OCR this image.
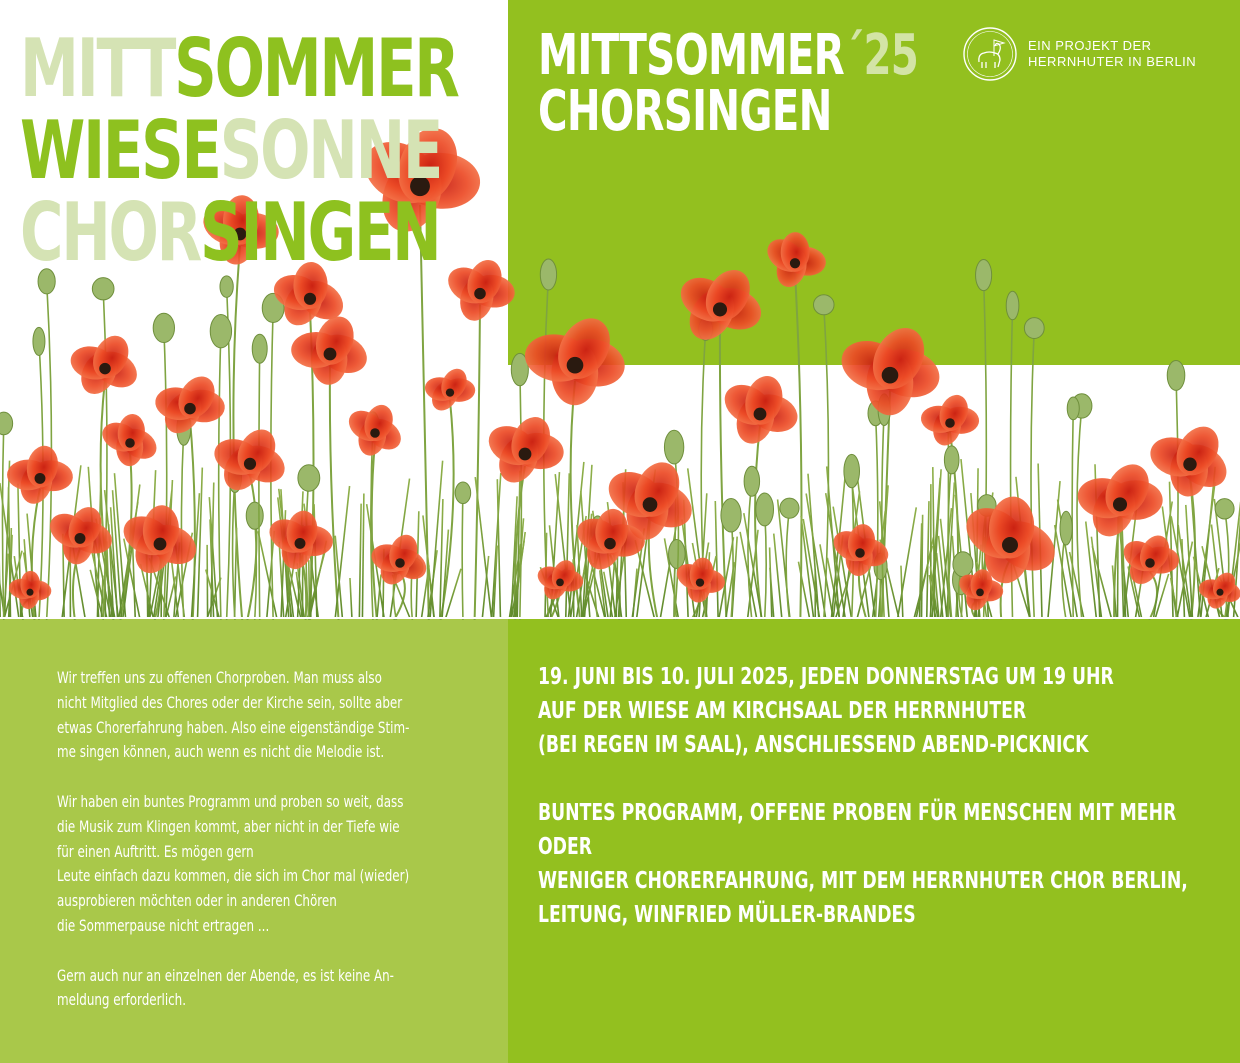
MITTSOMMER
WIESESONNE
CHORSINGEN
MITTSOMMER´25
CHORSINGEN
EIN PROJEKT DER
HERRNHUTER IN BERLIN

Wir treffen uns zu offenen Chorproben. Man muss also
nicht Mitglied des Chores oder der Kirche sein, sollte aber
etwas Chorerfahrung haben. Also eine eigenständige Stim-
me singen können, auch wenn es nicht die Melodie ist.

Wir haben ein buntes Programm und proben so weit, dass
die Musik zum Klingen kommt, aber nicht in der Tiefe wie
für einen Auftritt. Es mögen gern
Leute einfach dazu kommen, die sich im Chor mal (wieder)
ausprobieren möchten oder in anderen Chören
die Sommerpause nicht ertragen ...

Gern auch nur an einzelnen der Abende, es ist keine An-
meldung erforderlich.

19. JUNI BIS 10. JULI 2025, JEDEN DONNERSTAG UM 19 UHR
AUF DER WIESE AM KIRCHSAAL DER HERRNHUTER
(BEI REGEN IM SAAL), ANSCHLIESSEND ABEND-PICKNICK

BUNTES PROGRAMM, OFFENE PROBEN FÜR MENSCHEN MIT MEHR ODER
WENIGER CHORERFAHRUNG, MIT DEM HERRNHUTER CHOR BERLIN,
LEITUNG, WINFRIED MÜLLER-BRANDES
